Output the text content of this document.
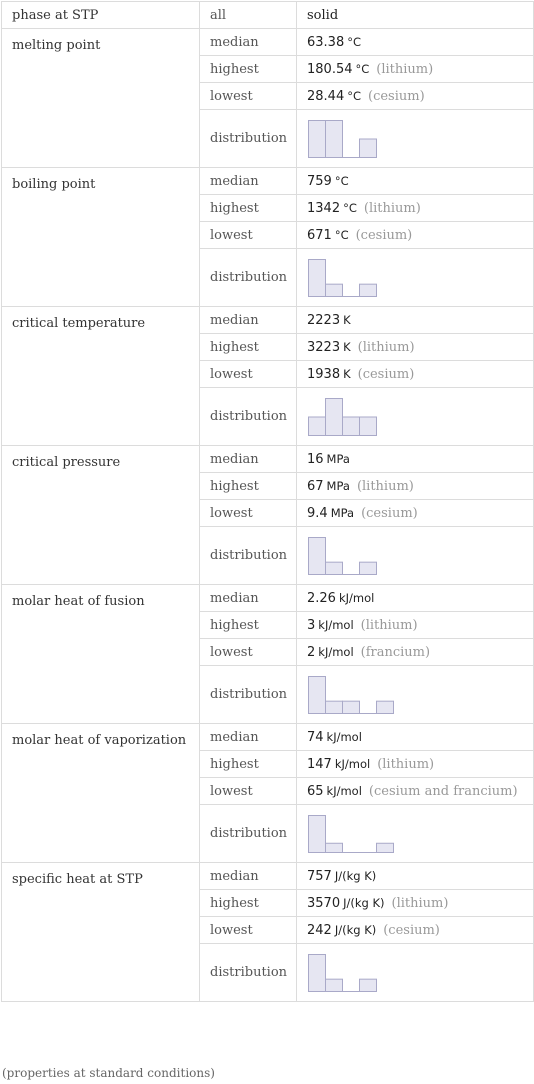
phase at STP	all	solid
melting point	median	63.38 °C
	highest	180.54 °C (lithium)
	lowest	28.44 °C (cesium)
	distribution	

boiling point	median	759 °C
	highest	1342 °C (lithium)
	lowest	671 °C (cesium)
	distribution	

critical temperature	median	2223 K
	highest	3223 K (lithium)
	lowest	1938 K (cesium)
	distribution	

critical pressure	median	16 MPa
	highest	67 MPa (lithium)
	lowest	9.4 MPa (cesium)
	distribution	

molar heat of fusion	median	2.26 kJ/mol
	highest	3 kJ/mol (lithium)
	lowest	2 kJ/mol (francium)
	distribution	

molar heat of vaporization	median	74 kJ/mol
	highest	147 kJ/mol (lithium)
	lowest	65 kJ/mol (cesium and francium)
	distribution	

specific heat at STP	median	757 J/(kg K)
	highest	3570 J/(kg K) (lithium)
	lowest	242 J/(kg K) (cesium)
	distribution	
(properties at standard conditions)
